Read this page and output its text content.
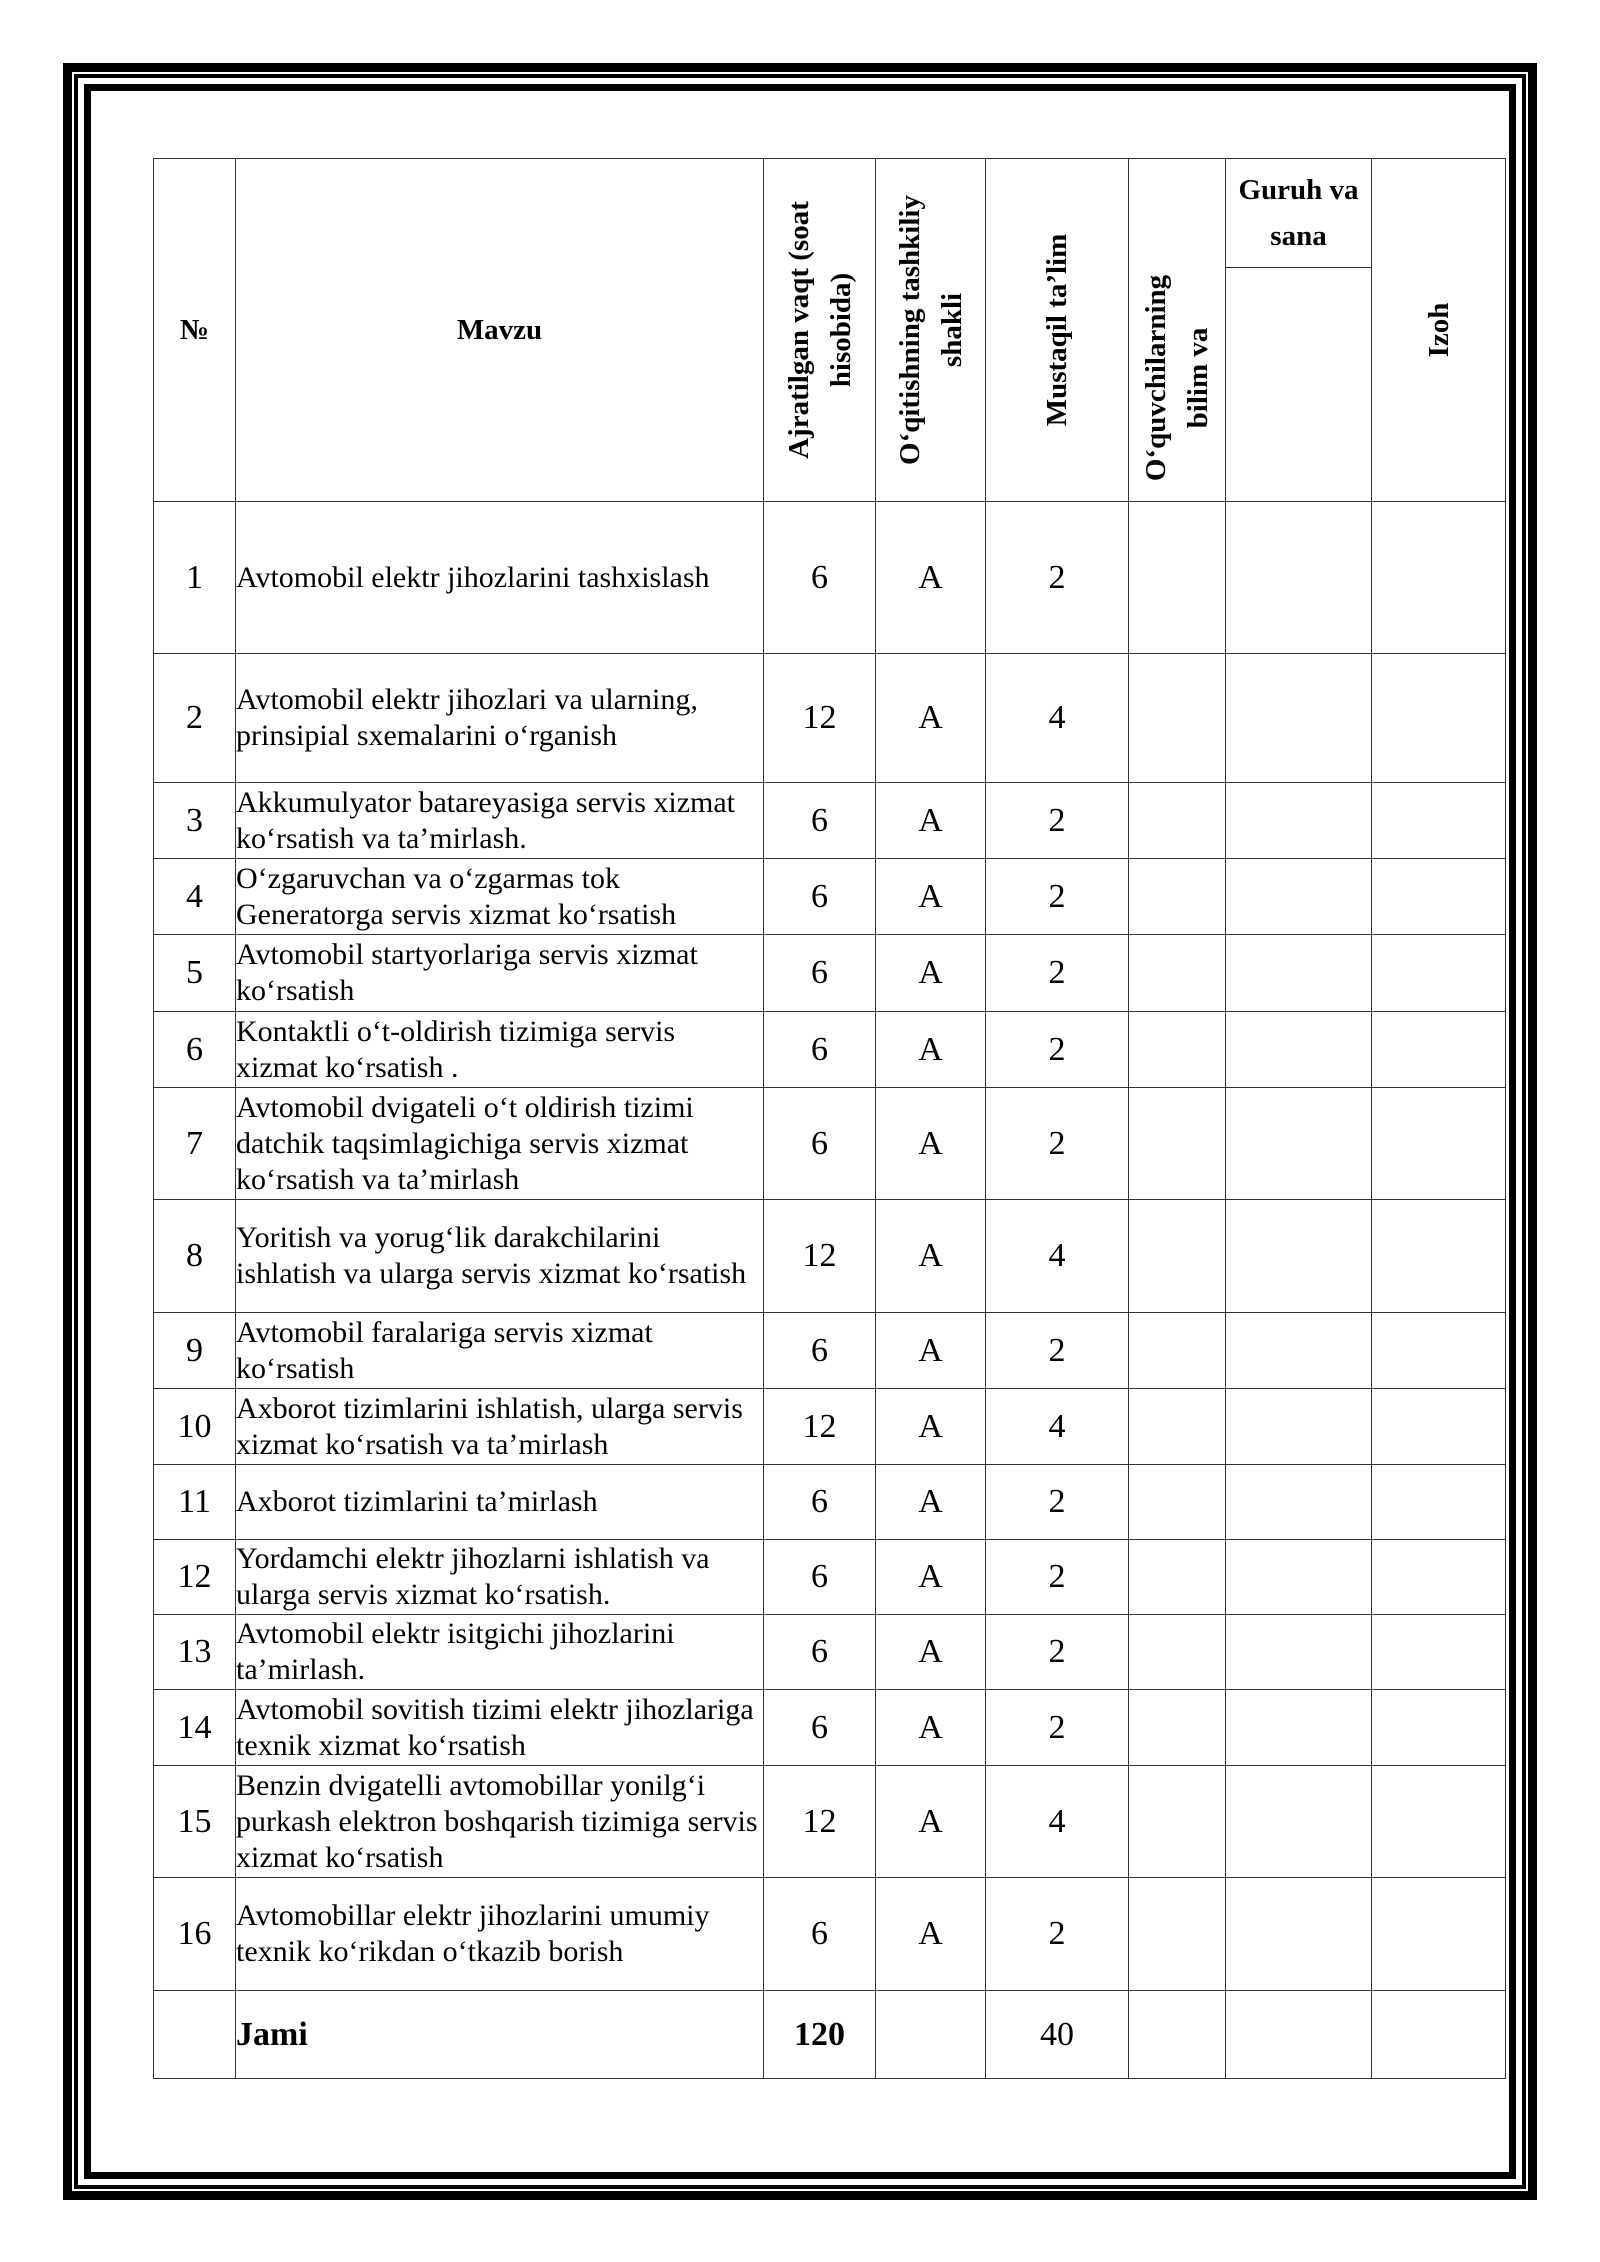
№	Mavzu	Ajratilgan vaqt (soat hisobida)	O‘qitishning tashkiliy shakli	Mustaqil ta’lim	O‘quvchilarning bilim va	Guruh va sana	Izoh

1	Avtomobil elektr jihozlarini tashxislash	6	A	2			
2	Avtomobil elektr jihozlari va ularning, prinsipial sxemalarini o‘rganish	12	A	4			
3	Akkumulyator batareyasiga servis xizmat ko‘rsatish va ta’mirlash.	6	A	2			
4	O‘zgaruvchan va o‘zgarmas tok Generatorga servis xizmat ko‘rsatish	6	A	2			
5	Avtomobil startyorlariga servis xizmat ko‘rsatish	6	A	2			
6	Kontaktli o‘t-oldirish tizimiga servis xizmat ko‘rsatish .	6	A	2			
7	Avtomobil dvigateli o‘t oldirish tizimi datchik taqsimlagichiga servis xizmat ko‘rsatish va ta’mirlash	6	A	2			
8	Yoritish va yorug‘lik darakchilarini ishlatish va ularga servis xizmat ko‘rsatish	12	A	4			
9	Avtomobil faralariga servis xizmat ko‘rsatish	6	A	2			
10	Axborot tizimlarini ishlatish, ularga servis xizmat ko‘rsatish va ta’mirlash	12	A	4			
11	Axborot tizimlarini ta’mirlash	6	A	2			
12	Yordamchi elektr jihozlarni ishlatish va ularga servis xizmat ko‘rsatish.	6	A	2			
13	Avtomobil elektr isitgichi jihozlarini ta’mirlash.	6	A	2			
14	Avtomobil sovitish tizimi elektr jihozlariga texnik xizmat ko‘rsatish	6	A	2			
15	Benzin dvigatelli avtomobillar yonilg‘i purkash elektron boshqarish tizimiga servis xizmat ko‘rsatish	12	A	4			
16	Avtomobillar elektr jihozlarini umumiy texnik ko‘rikdan o‘tkazib borish	6	A	2			
	Jami	120		40			
